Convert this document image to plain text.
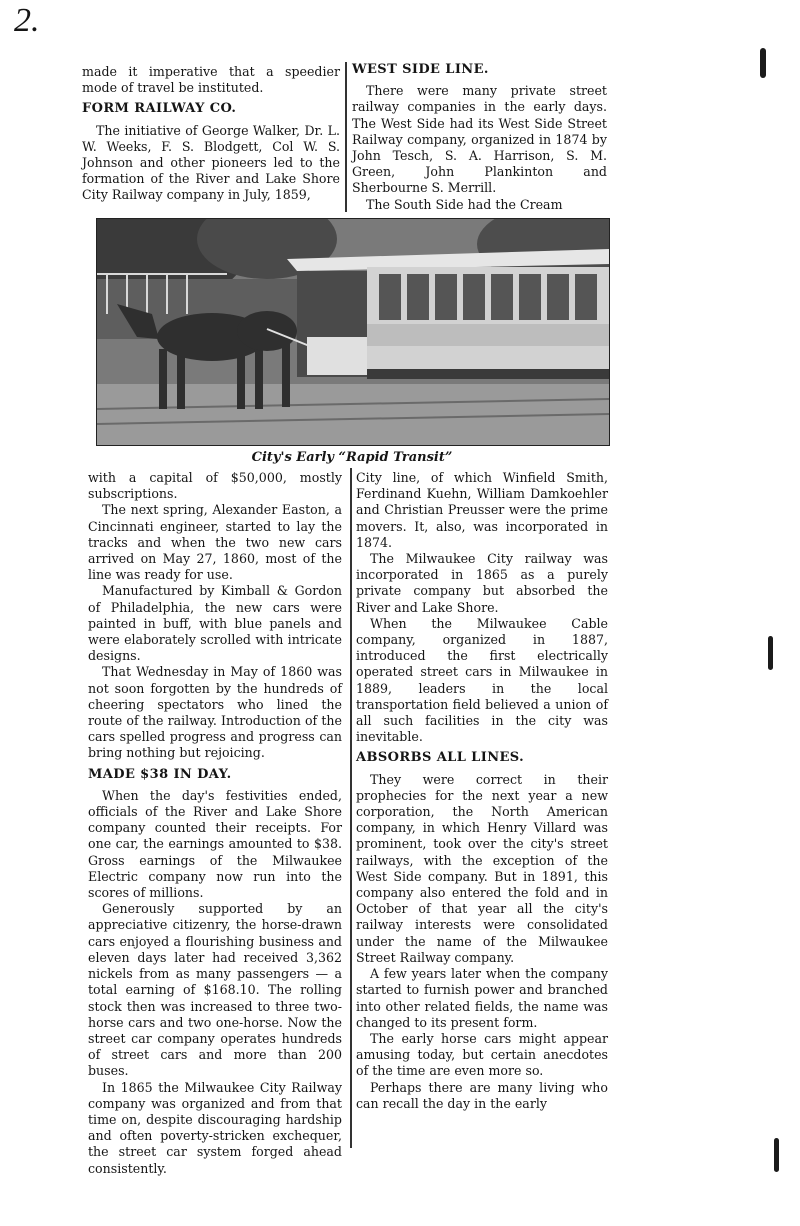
2.

made it imperative that a speedier mode of travel be instituted.

FORM RAILWAY CO.

The initiative of George Walker, Dr. L. W. Weeks, F. S. Blodgett, Col W. S. Johnson and other pioneers led to the formation of the River and Lake Shore City Railway company in July, 1859,

WEST SIDE LINE.

There were many private street railway companies in the early days. The West Side had its West Side Street Railway company, organized in 1874 by John Tesch, S. A. Harrison, S. M. Green, John Plankinton and Sherbourne S. Merrill.

The South Side had the Cream

City's Early “Rapid Transit”

with a capital of $50,000, mostly subscriptions.

The next spring, Alexander Easton, a Cincinnati engineer, started to lay the tracks and when the two new cars arrived on May 27, 1860, most of the line was ready for use.

Manufactured by Kimball & Gordon of Philadelphia, the new cars were painted in buff, with blue panels and were elaborately scrolled with intricate designs.

That Wednesday in May of 1860 was not soon forgotten by the hundreds of cheering spectators who lined the route of the railway. Introduction of the cars spelled progress and progress can bring nothing but rejoicing.

MADE $38 IN DAY.

When the day's festivities ended, officials of the River and Lake Shore company counted their receipts. For one car, the earnings amounted to $38. Gross earnings of the Milwaukee Electric company now run into the scores of millions.

Generously supported by an appreciative citizenry, the horse-drawn cars enjoyed a flourishing business and eleven days later had received 3,362 nickels from as many passengers — a total earning of $168.10. The rolling stock then was increased to three two-horse cars and two one-horse. Now the street car company operates hundreds of street cars and more than 200 buses.

In 1865 the Milwaukee City Railway company was organized and from that time on, despite discouraging hardship and often poverty-stricken exchequer, the street car system forged ahead consistently.

City line, of which Winfield Smith, Ferdinand Kuehn, William Damkoehler and Christian Preusser were the prime movers. It, also, was incorporated in 1874.

The Milwaukee City railway was incorporated in 1865 as a purely private company but absorbed the River and Lake Shore.

When the Milwaukee Cable company, organized in 1887, introduced the first electrically operated street cars in Milwaukee in 1889, leaders in the local transportation field believed a union of all such facilities in the city was inevitable.

ABSORBS ALL LINES.

They were correct in their prophecies for the next year a new corporation, the North American company, in which Henry Villard was prominent, took over the city's street railways, with the exception of the West Side company. But in 1891, this company also entered the fold and in October of that year all the city's railway interests were consolidated under the name of the Milwaukee Street Railway company.

A few years later when the company started to furnish power and branched into other related fields, the name was changed to its present form.

The early horse cars might appear amusing today, but certain anecdotes of the time are even more so.

Perhaps there are many living who can recall the day in the early
